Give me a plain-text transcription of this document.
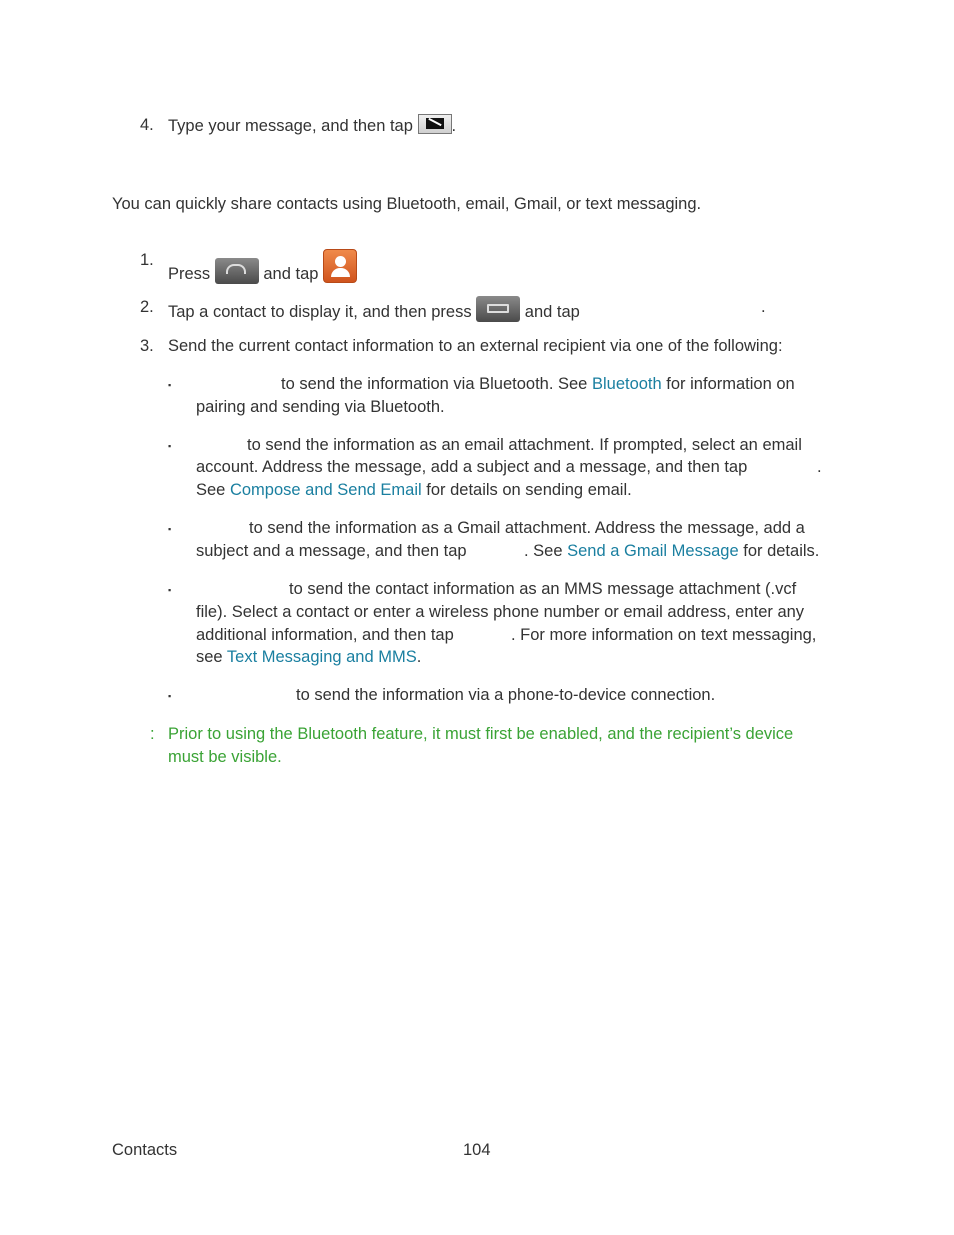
4. Type your message, and then tap .
You can quickly share contacts using Bluetooth, email, Gmail, or text messaging.
1.
Press	and tap
2. Tap a contact to display it, and then press	and tap	.
3. Send the current contact information to an external recipient via one of the following:
▪	to send the information via Bluetooth. See Bluetooth for information on
pairing and sending via Bluetooth.
▪	to send the information as an email attachment. If prompted, select an email
account. Address the message, add a subject and a message, and then tap	.
See Compose and Send Email for details on sending email.
▪	to send the information as a Gmail attachment. Address the message, add a
subject and a message, and then tap	. See Send a Gmail Message for details.
▪	to send the contact information as an MMS message attachment (.vcf
file). Select a contact or enter a wireless phone number or email address, enter any
additional information, and then tap	. For more information on text messaging,
see Text Messaging and MMS.
▪	to send the information via a phone-to-device connection.
: Prior to using the Bluetooth feature, it must first be enabled, and the recipient’s device
must be visible.
Contacts	104
